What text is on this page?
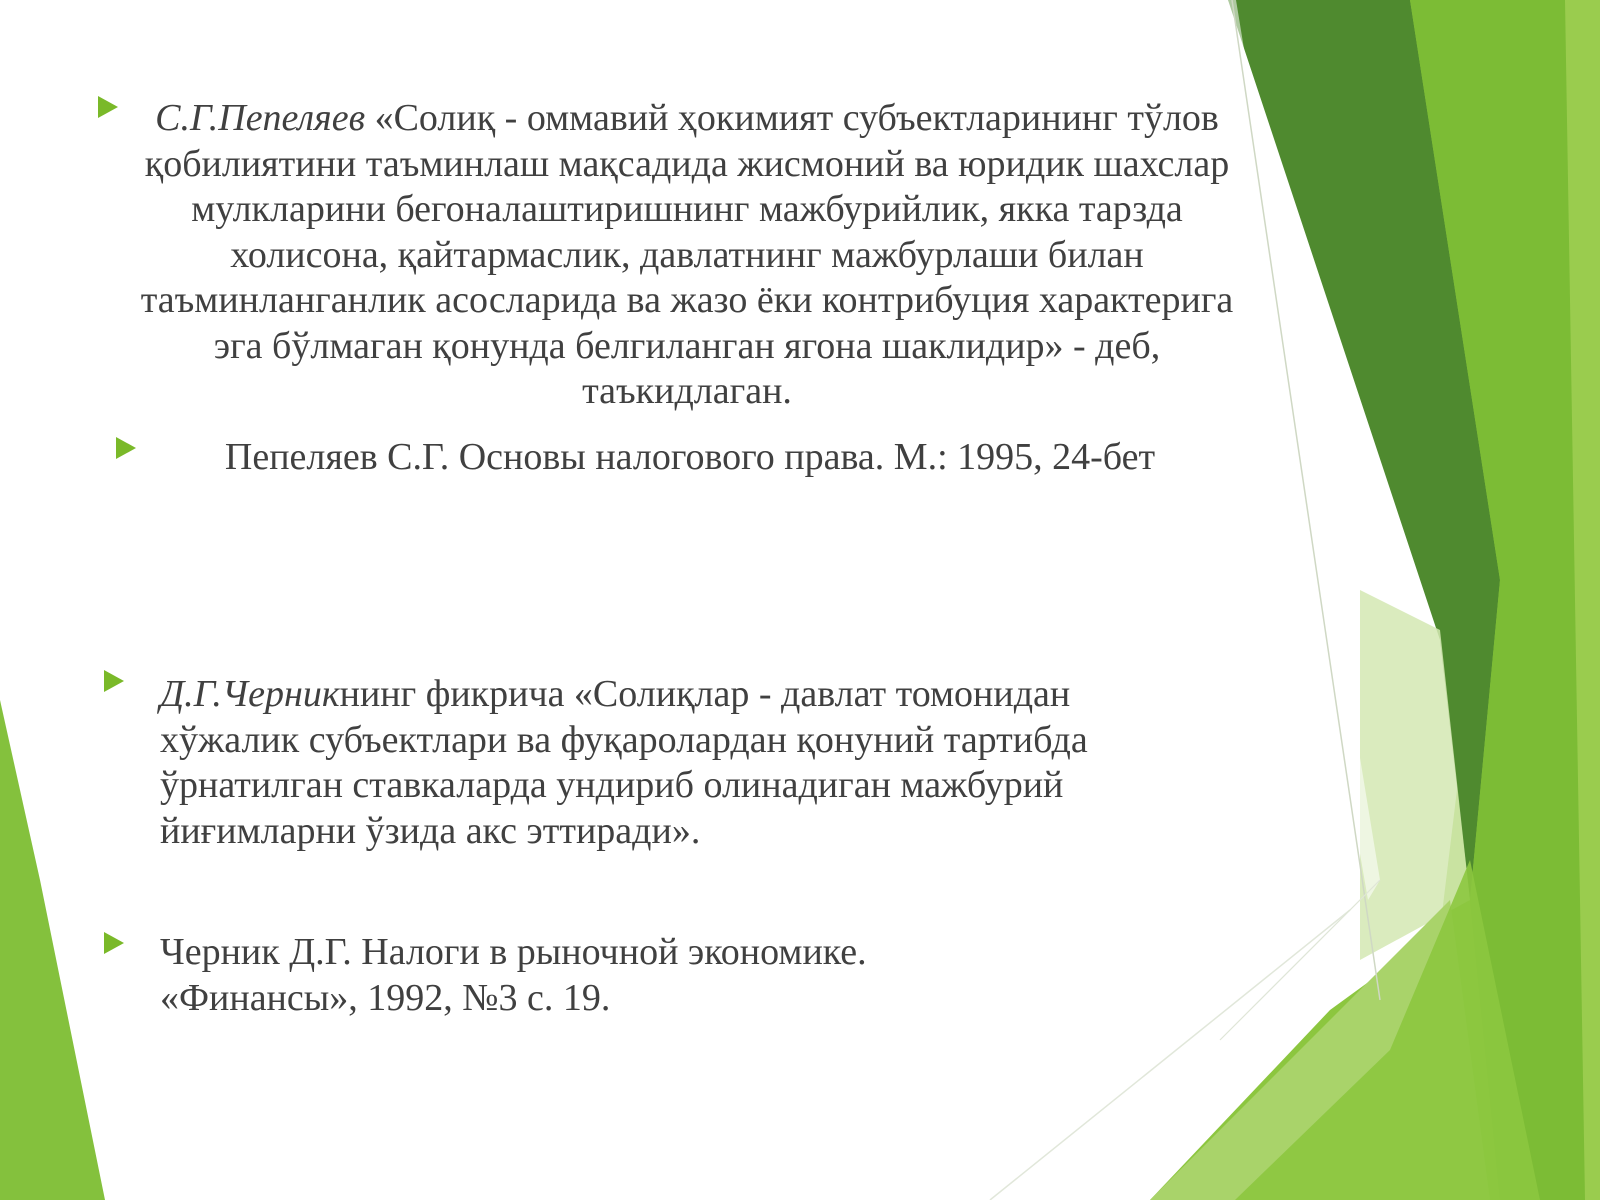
С.Г.Пепеляев «Солиқ - оммавий ҳокимият субъектларининг тўлов қобилиятини таъминлаш мақсадида жисмоний ва юридик шахслар мулкларини бегоналаштиришнинг мажбурийлик, якка тарзда холисона, қайтармаслик, давлатнинг мажбурлаши билан таъминланганлик асосларида ва жазо ёки контрибуция характерига эга бўлмаган қонунда белгиланган ягона шаклидир» - деб, таъкидлаган.
Пепеляев С.Г. Основы налогового права. М.: 1995, 24-бет
Д.Г.Черникнинг фикрича «Солиқлар - давлат томонидан хўжалик субъектлари ва фуқаролардан қонуний тартибда ўрнатилган ставкаларда ундириб олинадиган мажбурий йиғимларни ўзида акс эттиради».
Черник Д.Г. Налоги в рыночной экономике. «Финансы», 1992, №3 с. 19.
